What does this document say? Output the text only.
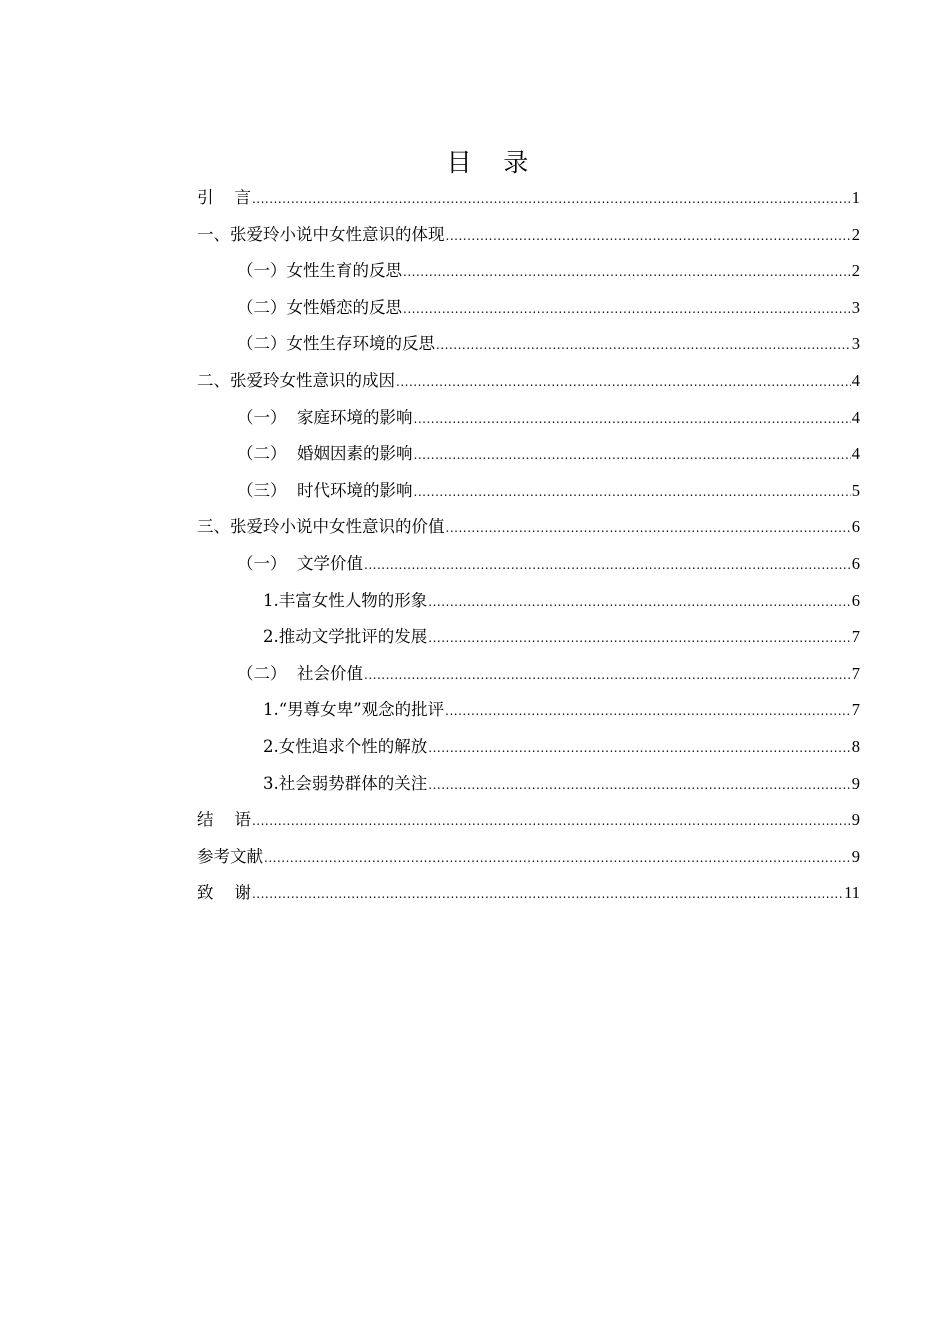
目    录
引    言 .....	1
一、张爱玲小说中女性意识的体现 .....	2
（一）女性生育的反思 .....	2
（二）女性婚恋的反思 .....	3
（二）女性生存环境的反思 .....	3
二、张爱玲女性意识的成因 .....	4
（一）  家庭环境的影响 .....	4
（二）  婚姻因素的影响 .....	4
（三）  时代环境的影响 .....	5
三、张爱玲小说中女性意识的价值 .....	6
（一）  文学价值 .....	6
1.丰富女性人物的形象 .....	6
2.推动文学批评的发展 .....	7
（二）  社会价值 .....	7
1.“男尊女卑”观念的批评 .....	7
2.女性追求个性的解放 .....	8
3.社会弱势群体的关注 .....	9
结    语 .....	9
参考文献 .....	9
致    谢 .....	11
